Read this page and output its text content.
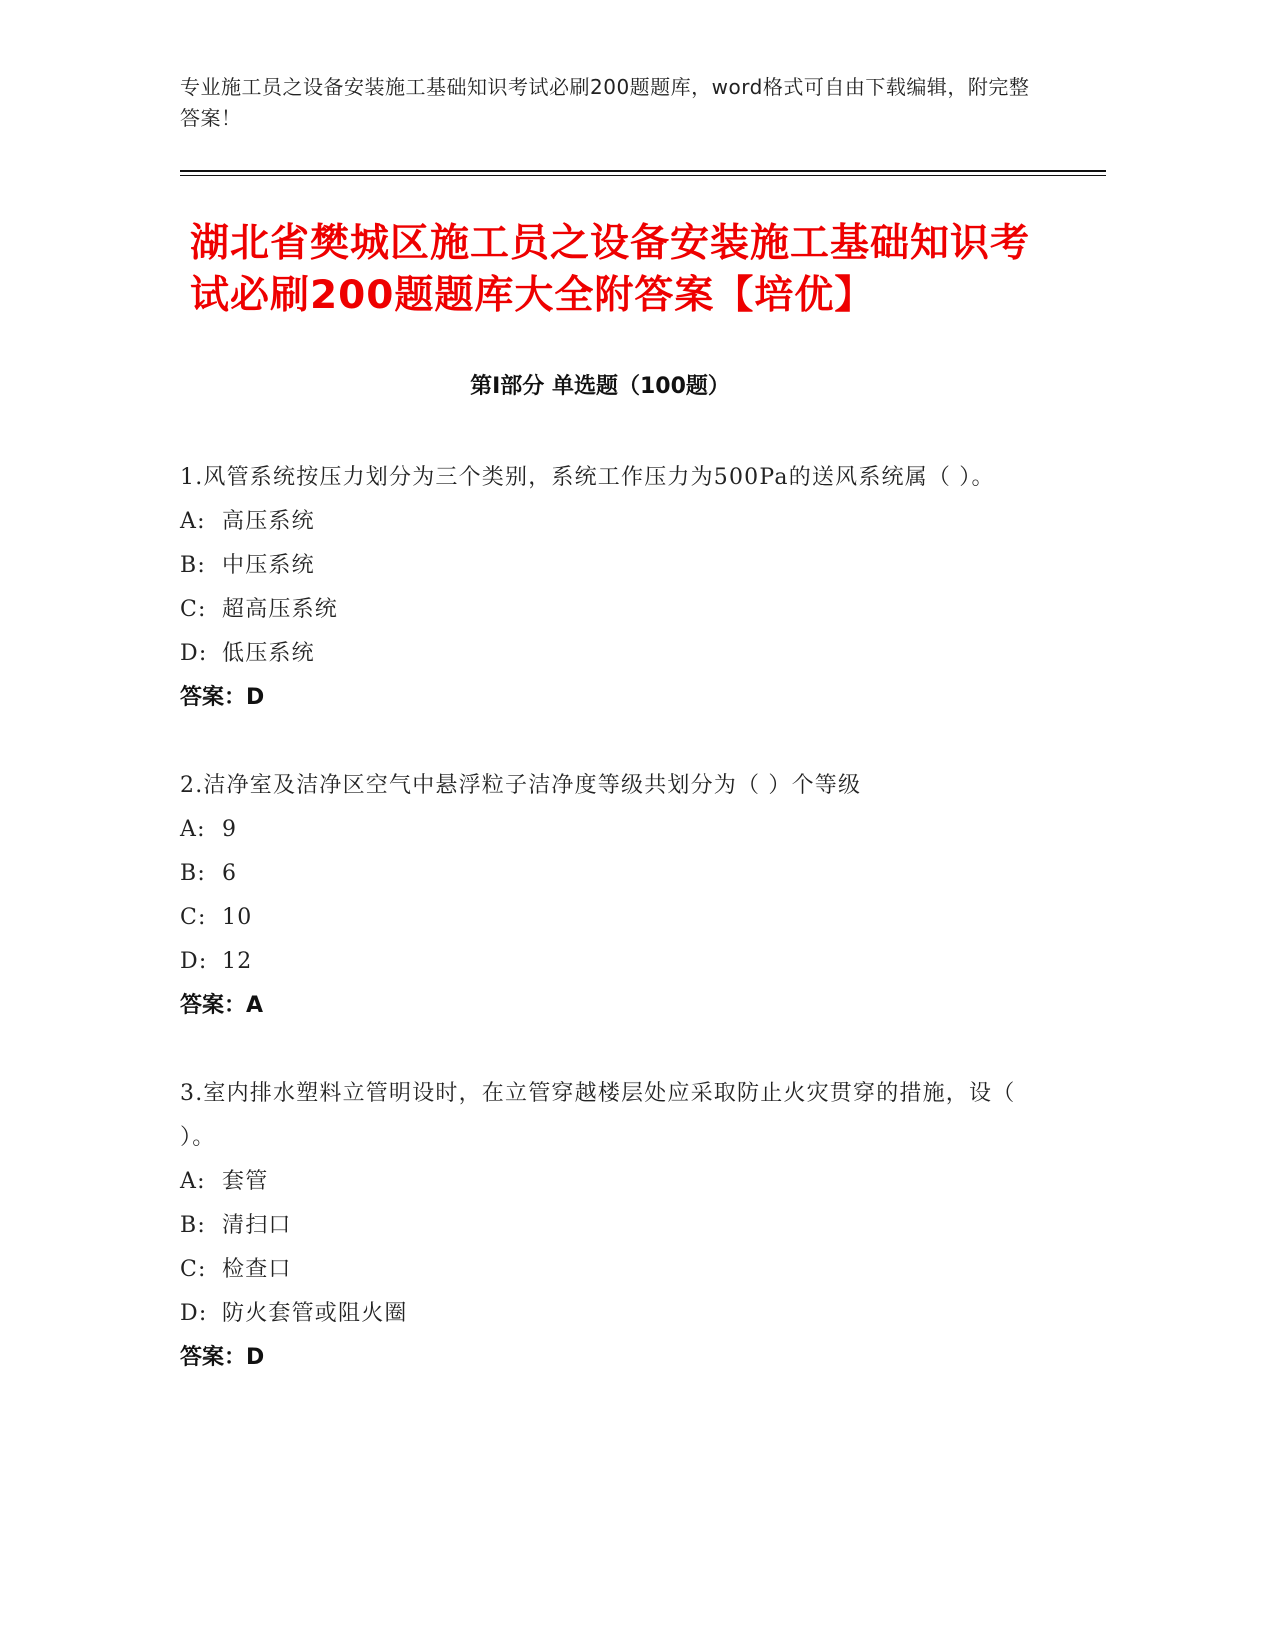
专业施工员之设备安装施工基础知识考试必刷200题题库，word格式可自由下载编辑，附完整答案！
湖北省樊城区施工员之设备安装施工基础知识考试必刷200题题库大全附答案【培优】
第I部分 单选题（100题）
1.风管系统按压力划分为三个类别，系统工作压力为500Pa的送风系统属（ ）。
A: 高压系统
B: 中压系统
C: 超高压系统
D: 低压系统
答案：D
2.洁净室及洁净区空气中悬浮粒子洁净度等级共划分为（ ）个等级
A: 9
B: 6
C: 10
D: 12
答案：A
3.室内排水塑料立管明设时，在立管穿越楼层处应采取防止火灾贯穿的措施，设（ ）。
A: 套管
B: 清扫口
C: 检查口
D: 防火套管或阻火圈
答案：D
